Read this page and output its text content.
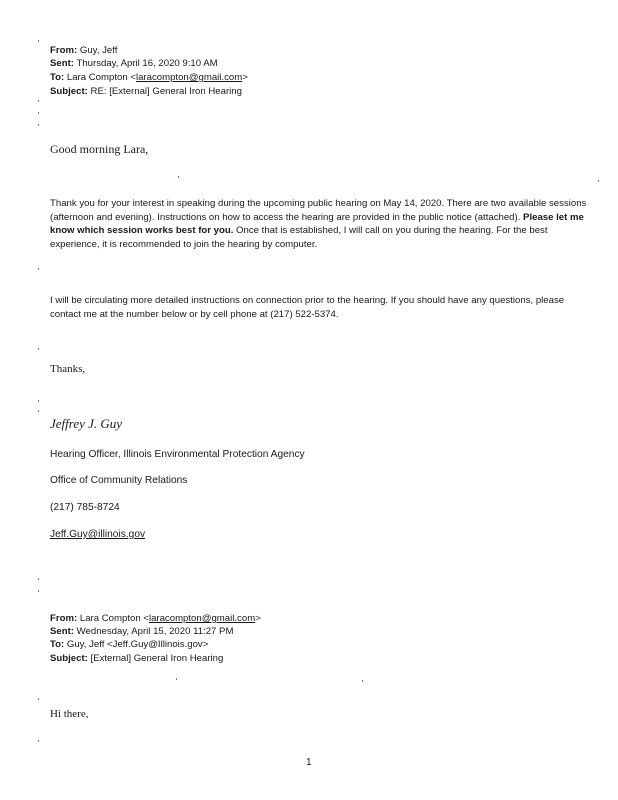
From: Guy, Jeff
Sent: Thursday, April 16, 2020 9:10 AM
To: Lara Compton <laracompton@gmail.com>
Subject: RE: [External] General Iron Hearing
Good morning Lara,
Thank you for your interest in speaking during the upcoming public hearing on May 14, 2020. There are two available sessions (afternoon and evening). Instructions on how to access the hearing are provided in the public notice (attached). Please let me know which session works best for you. Once that is established, I will call on you during the hearing. For the best experience, it is recommended to join the hearing by computer.
I will be circulating more detailed instructions on connection prior to the hearing. If you should have any questions, please contact me at the number below or by cell phone at (217) 522-5374.
Thanks,
Jeffrey J. Guy
Hearing Officer, Illinois Environmental Protection Agency
Office of Community Relations
(217) 785-8724
Jeff.Guy@illinois.gov
From: Lara Compton <laracompton@gmail.com>
Sent: Wednesday, April 15, 2020 11:27 PM
To: Guy, Jeff <Jeff.Guy@Illinois.gov>
Subject: [External] General Iron Hearing
Hi there,
1
